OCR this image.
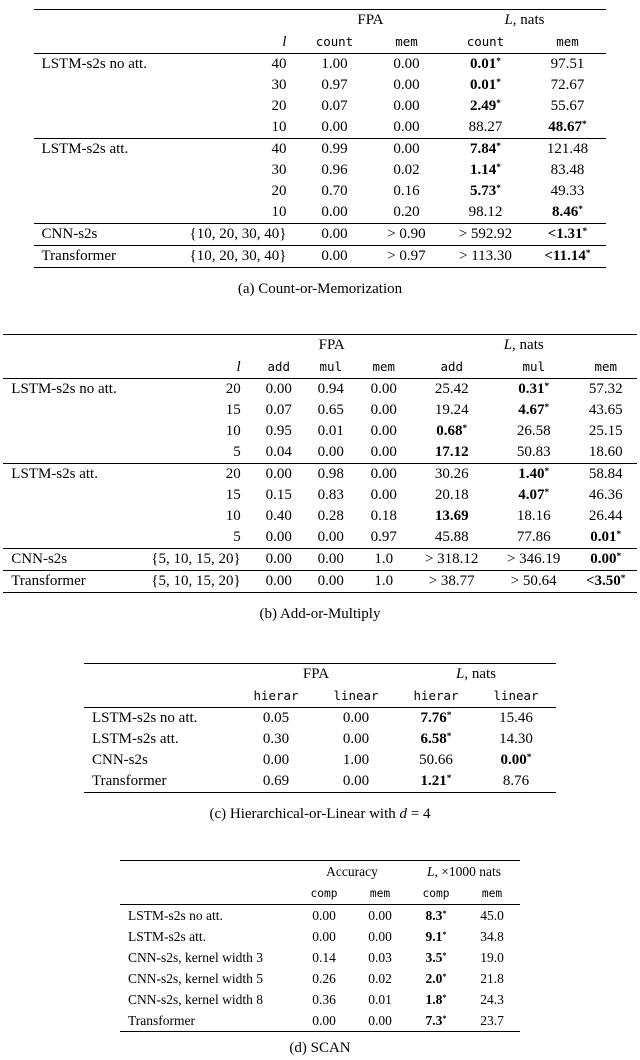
		FPA		L, nats	
	l	count	mem	count	mem
LSTM-s2s no att.	40	1.00	0.00	0.01*	97.51
	30	0.97	0.00	0.01*	72.67
	20	0.07	0.00	2.49*	55.67
	10	0.00	0.00	88.27	48.67*
LSTM-s2s att.	40	0.99	0.00	7.84*	121.48
	30	0.96	0.02	1.14*	83.48
	20	0.70	0.16	5.73*	49.33
	10	0.00	0.20	98.12	8.46*
CNN-s2s	{10, 20, 30, 40}	0.00	> 0.90	> 592.92	<1.31*
Transformer	{10, 20, 30, 40}	0.00	> 0.97	> 113.30	<11.14*
(a) Count-or-Memorization
		FPA			L, nats		
	l	add	mul	mem	add	mul	mem
LSTM-s2s no att.	20	0.00	0.94	0.00	25.42	0.31*	57.32
	15	0.07	0.65	0.00	19.24	4.67*	43.65
	10	0.95	0.01	0.00	0.68*	26.58	25.15
	5	0.04	0.00	0.00	17.12	50.83	18.60
LSTM-s2s att.	20	0.00	0.98	0.00	30.26	1.40*	58.84
	15	0.15	0.83	0.00	20.18	4.07*	46.36
	10	0.40	0.28	0.18	13.69	18.16	26.44
	5	0.00	0.00	0.97	45.88	77.86	0.01*
CNN-s2s	{5, 10, 15, 20}	0.00	0.00	1.0	> 318.12	> 346.19	0.00*
Transformer	{5, 10, 15, 20}	0.00	0.00	1.0	> 38.77	> 50.64	<3.50*
(b) Add-or-Multiply
	FPA		L, nats	
	hierar	linear	hierar	linear
LSTM-s2s no att.	0.05	0.00	7.76*	15.46
LSTM-s2s att.	0.30	0.00	6.58*	14.30
CNN-s2s	0.00	1.00	50.66	0.00*
Transformer	0.69	0.00	1.21*	8.76
(c) Hierarchical-or-Linear with d = 4
	Accuracy		L, ×1000 nats	
	comp	mem	comp	mem
LSTM-s2s no att.	0.00	0.00	8.3*	45.0
LSTM-s2s att.	0.00	0.00	9.1*	34.8
CNN-s2s, kernel width 3	0.14	0.03	3.5*	19.0
CNN-s2s, kernel width 5	0.26	0.02	2.0*	21.8
CNN-s2s, kernel width 8	0.36	0.01	1.8*	24.3
Transformer	0.00	0.00	7.3*	23.7
(d) SCAN
